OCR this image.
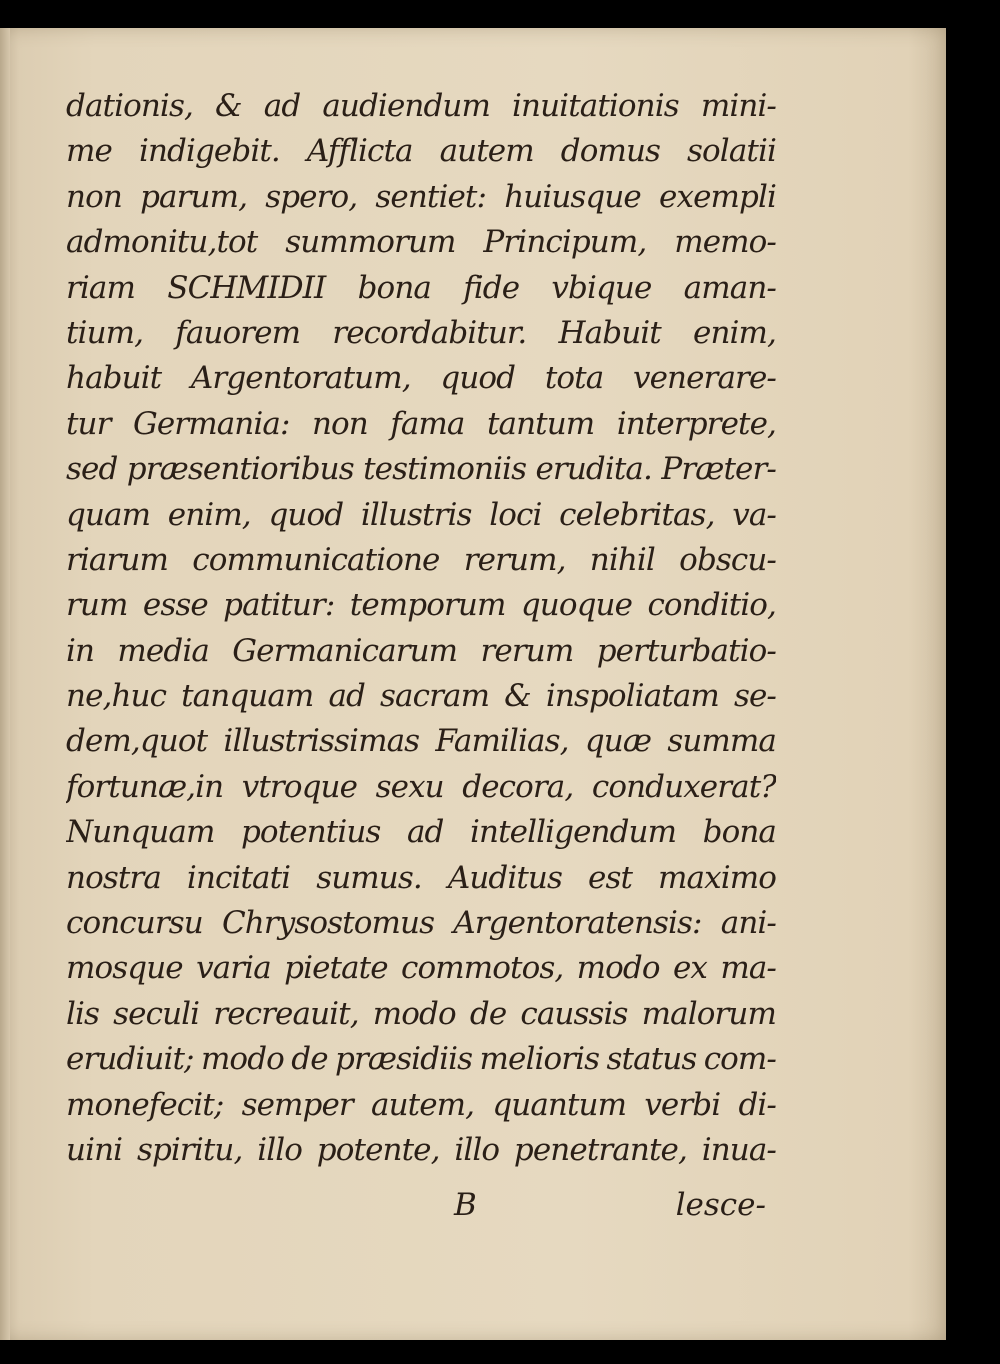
dationis, & ad audiendum inuitationis mini-
me indigebit. Afflicta autem domus solatii
non parum, spero, sentiet: huiusque exempli
admonitu,tot summorum Principum, memo-
riam SCHMIDII bona fide vbique aman-
tium, fauorem recordabitur. Habuit enim,
habuit Argentoratum, quod tota venerare-
tur Germania: non fama tantum interprete,
sed præsentioribus testimoniis erudita. Præter-
quam enim, quod illustris loci celebritas, va-
riarum communicatione rerum, nihil obscu-
rum esse patitur: temporum quoque conditio,
in media Germanicarum rerum perturbatio-
ne,huc tanquam ad sacram & inspoliatam se-
dem,quot illustrissimas Familias, quæ summa
fortunæ,in vtroque sexu decora, conduxerat?
Nunquam potentius ad intelligendum bona
nostra incitati sumus. Auditus est maximo
concursu Chrysostomus Argentoratensis: ani-
mosque varia pietate commotos, modo ex ma-
lis seculi recreauit, modo de caussis malorum
erudiuit; modo de præsidiis melioris status com-
monefecit; semper autem, quantum verbi di-
uini spiritu, illo potente, illo penetrante, inua-
B	lesce-
